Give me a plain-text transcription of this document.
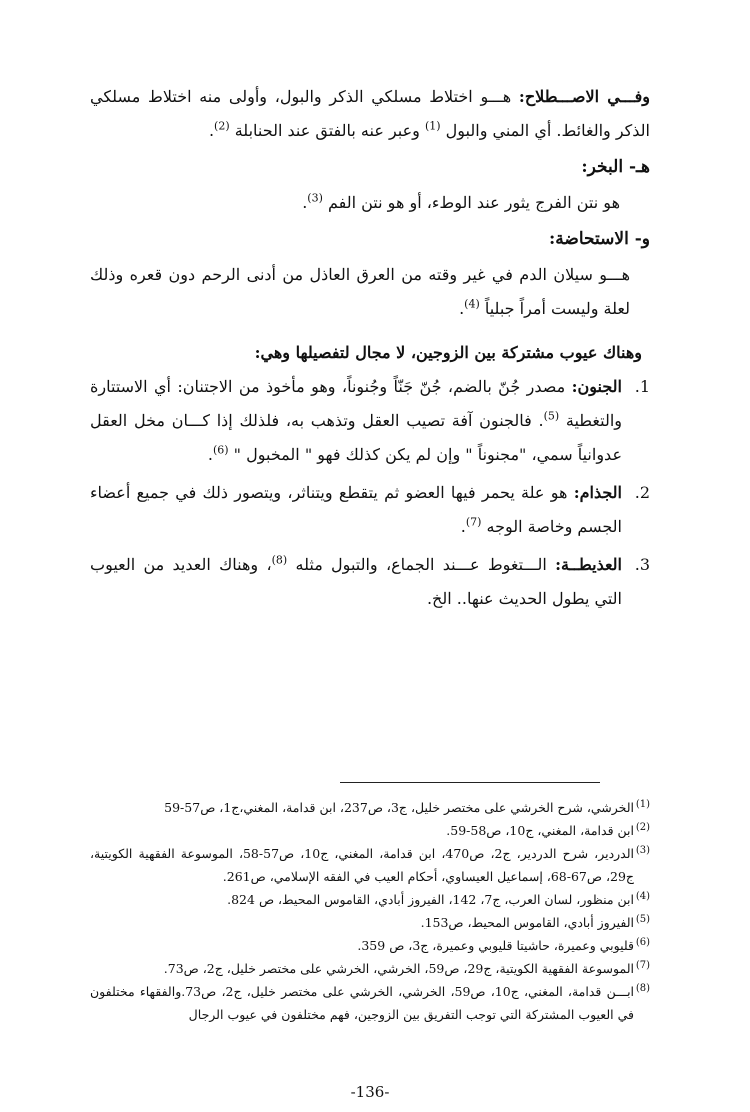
وفـــي الاصـــطلاح: هـــو اختلاط مسلكي الذكر والبول، وأولى منه اختلاط مسلكي الذكر والغائط. أي المني والبول $^{(1)}$ وعبر عنه بالفتق عند الحنابلة $^{(2)}$.

هـ- البخر:

هو نتن الفرج يثور عند الوطء، أو هو نتن الفم $^{(3)}$.

و- الاستحاضة:

هـــو سيلان الدم في غير وقته من العرق العاذل من أدنى الرحم دون قعره وذلك لعلة وليست أمراً جبلياً $^{(4)}$.

وهناك عيوب مشتركة بين الزوجين، لا مجال لتفصيلها وهي:

1.
الجنون: مصدر جُنّ بالضم، جُنّ جَنّاً وجُنوناً، وهو مأخوذ من الاجتنان: أي الاستتارة والتغطية $^{(5)}$. فالجنون آفة تصيب العقل وتذهب به، فلذلك إذا كـــان مخل العقل عدوانياً سمي، "مجنوناً " وإن لم يكن كذلك فهو " المخبول " $^{(6)}$.
2.
الجذام: هو علة يحمر فيها العضو ثم يتقطع ويتناثر، ويتصور ذلك في جميع أعضاء الجسم وخاصة الوجه $^{(7)}$.
3.
العذيطــة: الـــتغوط عـــند الجماع، والتبول مثله $^{(8)}$، وهناك العديد من العيوب التي يطول الحديث عنها.. الخ.
(1)
الخرشي، شرح الخرشي على مختصر خليل، ج3، ص237، ابن قدامة، المغني،ج1، ص57-59
(2)
ابن قدامة، المغني، ج10، ص58-59.
(3)
الدردير، شرح الدردير، ج2، ص470، ابن قدامة، المغني، ج10، ص57-58، الموسوعة الفقهية الكويتية، ج29، ص67-68، إسماعيل العيساوي، أحكام العيب في الفقه الإسلامي، ص261.
(4)
ابن منظور، لسان العرب، ج7، 142، الفيروز أبادي، القاموس المحيط، ص 824.
(5)
الفيروز أبادي، القاموس المحيط، ص153.
(6)
قليوبي وعميرة، حاشيتا قليوبي وعميرة، ج3، ص 359.
(7)
الموسوعة الفقهية الكويتية، ج29، ص59، الخرشي، الخرشي على مختصر خليل، ج2، ص73.
(8)
ابـــن قدامة، المغني، ج10، ص59، الخرشي، الخرشي على مختصر خليل، ج2، ص73.والفقهاء مختلفون في العيوب المشتركة التي توجب التفريق بين الزوجين، فهم مختلفون في عيوب الرجال
-136-
